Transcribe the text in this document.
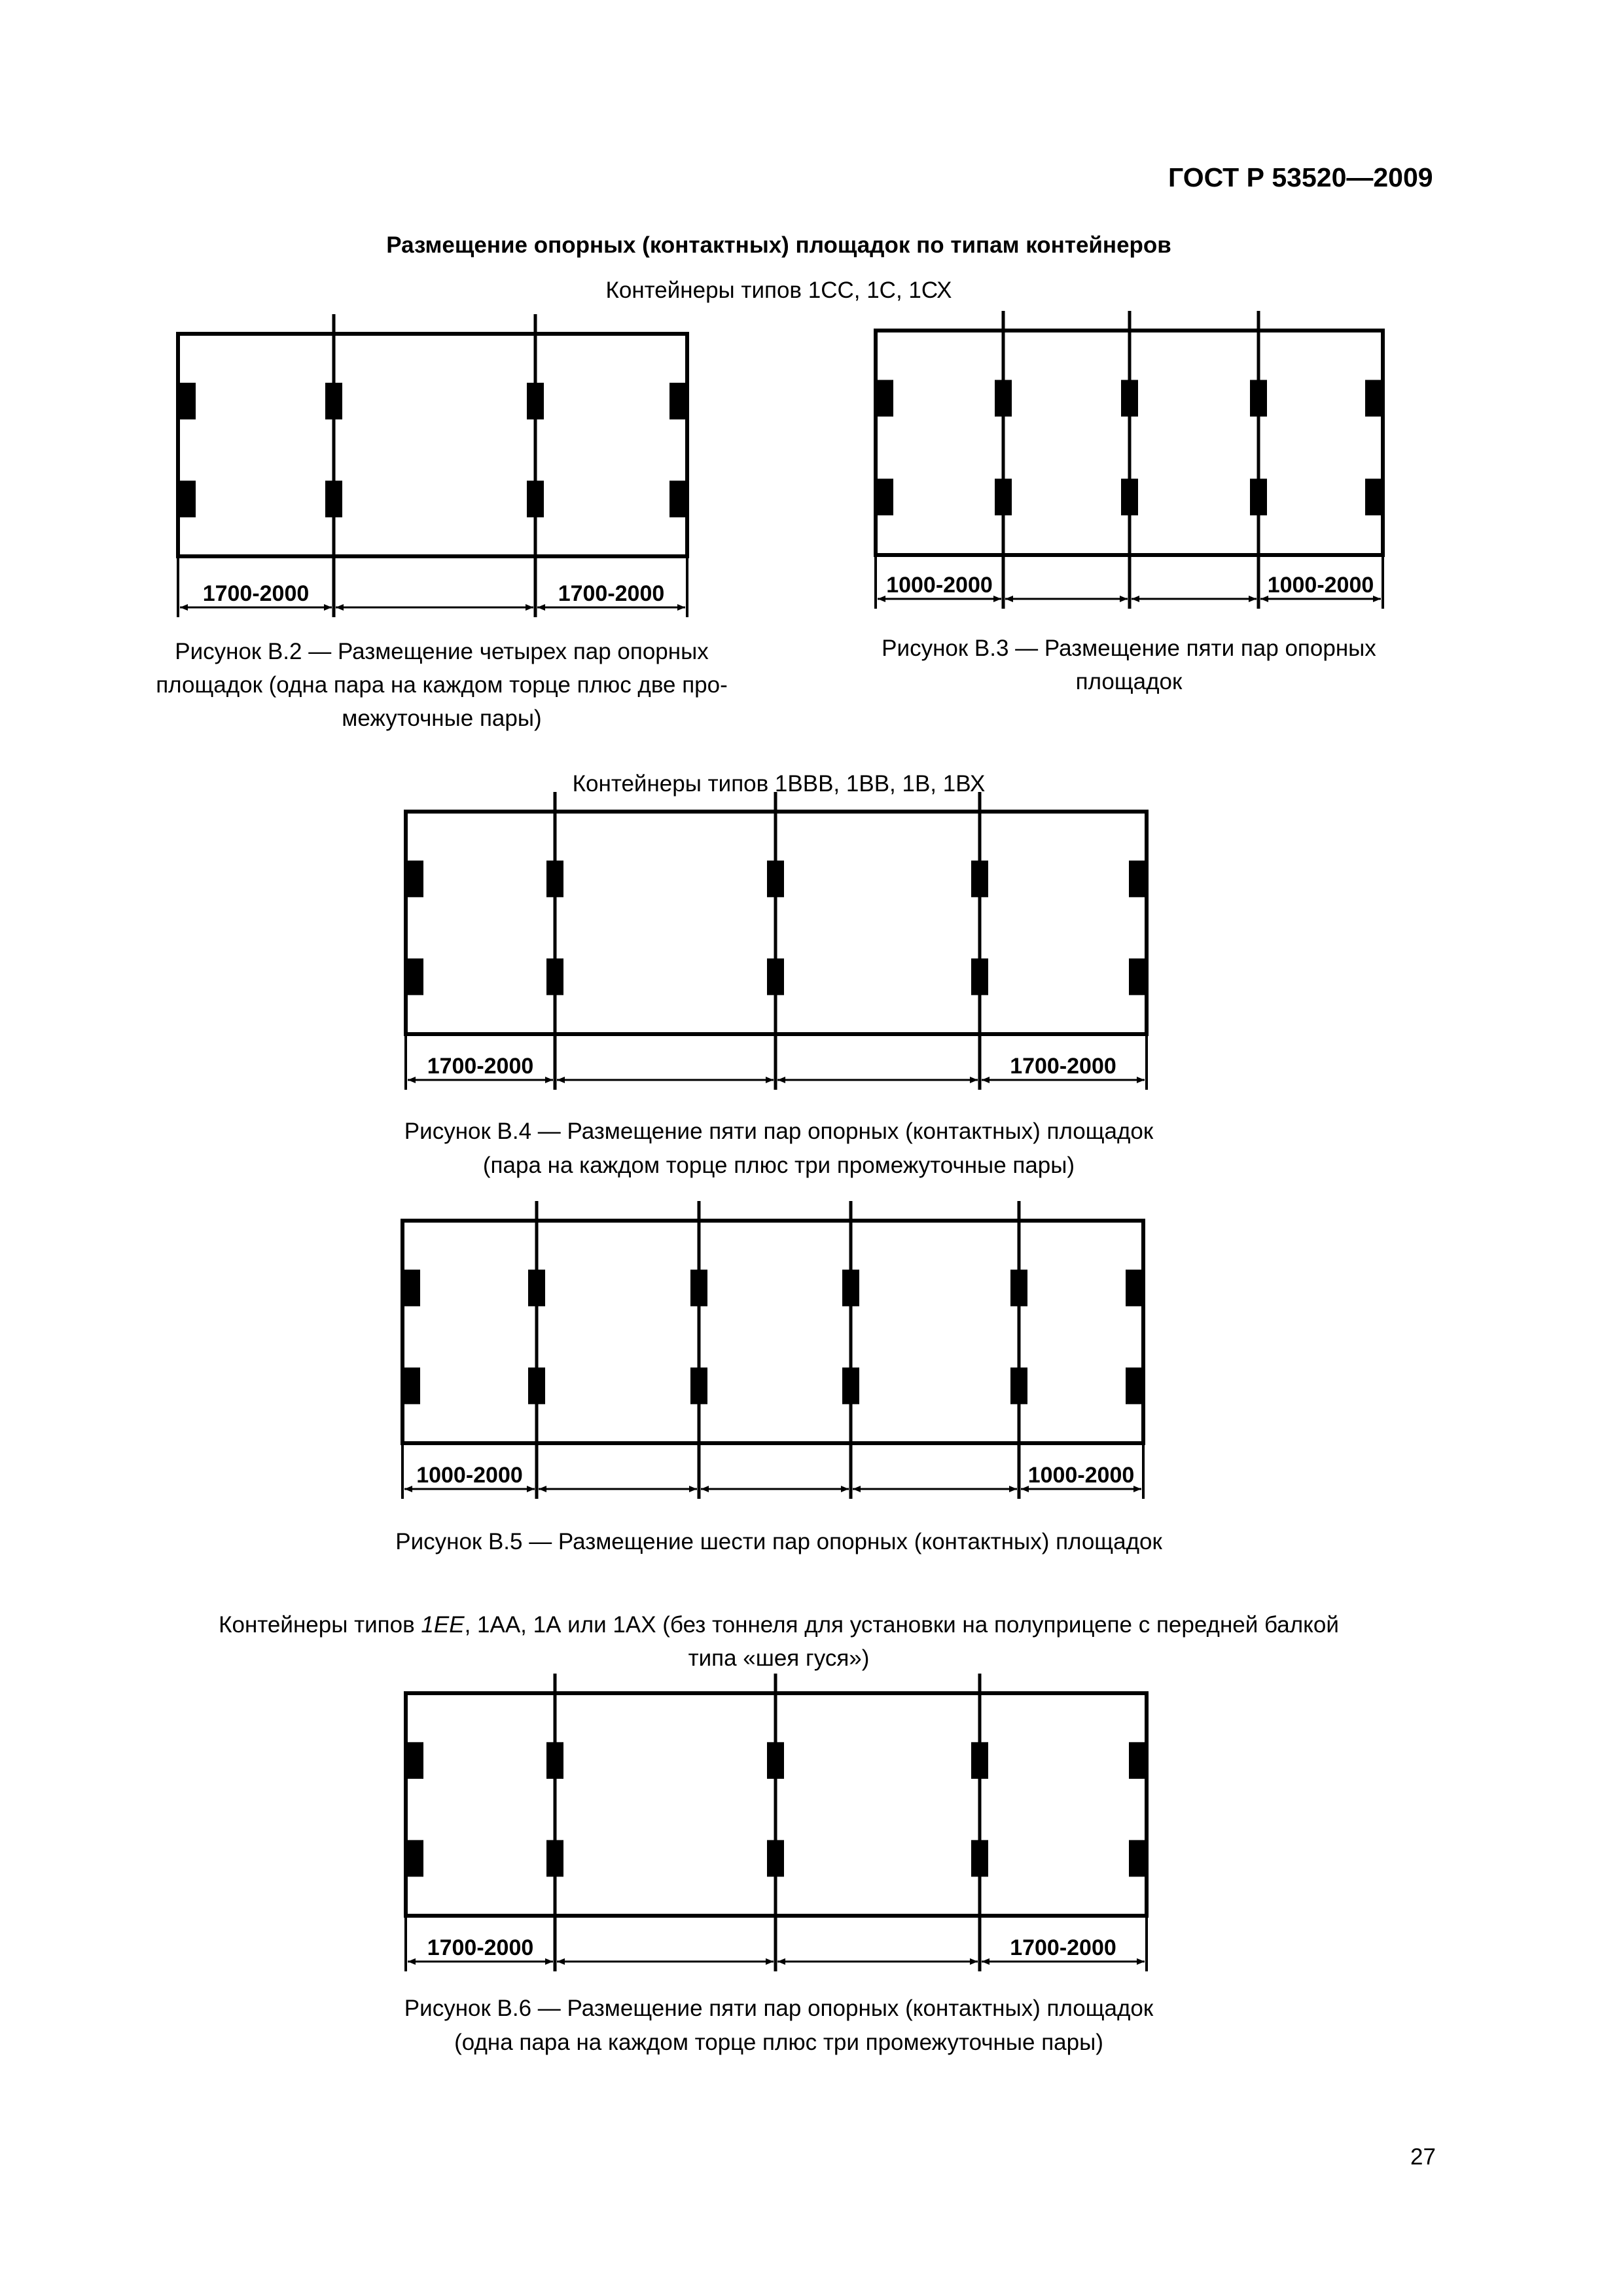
ГОСТ Р 53520—2009
Размещение опорных (контактных) площадок по типам контейнеров
Контейнеры типов 1СС, 1С, 1СХ
1700-2000	1700-2000	1000-2000	1000-2000
1700-2000	1700-2000
1000-2000	1000-2000
1700-2000	1700-2000
Рисунок В.2 — Размещение четырех пар опорных площадок (одна пара на каждом торце плюс две про-межуточные пары)
Рисунок В.3 — Размещение пяти пар опорных площадок
Контейнеры типов 1ВВВ, 1ВВ, 1В, 1ВХ
Рисунок В.4 — Размещение пяти пар опорных (контактных) площадок
(пара на каждом торце плюс три промежуточные пары)
Рисунок В.5 — Размещение шести пар опорных (контактных) площадок
Контейнеры типов 1ЕЕ, 1АА, 1А или 1АХ (без тоннеля для установки на полуприцепе с передней балкой
типа «шея гуся»)
Рисунок В.6 — Размещение пяти пар опорных (контактных) площадок
(одна пара на каждом торце плюс три промежуточные пары)
27
